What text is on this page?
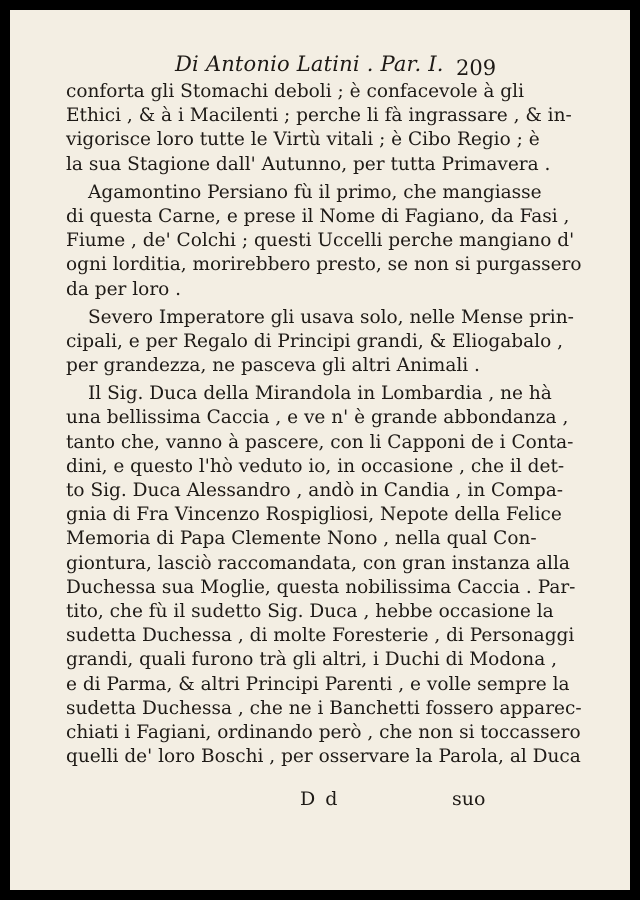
Di Antonio Latini . Par. I. 209
conforta gli Stomachi deboli ; è confacevole à gli
Ethici , & à i Macilenti ; perche li fà ingrassare , & in-
vigorisce loro tutte le Virtù vitali ; è Cibo Regio ; è
la sua Stagione dall' Autunno, per tutta Primavera .
Agamontino Persiano fù il primo, che mangiasse
di questa Carne, e prese il Nome di Fagiano, da Fasi ,
Fiume , de' Colchi ; questi Uccelli perche mangiano d'
ogni lorditia, morirebbero presto, se non si purgassero
da per loro .
Severo Imperatore gli usava solo, nelle Mense prin-
cipali, e per Regalo di Principi grandi, & Eliogabalo ,
per grandezza, ne pasceva gli altri Animali .
Il Sig. Duca della Mirandola in Lombardia , ne hà
una bellissima Caccia , e ve n' è grande abbondanza ,
tanto che, vanno à pascere, con li Capponi de i Conta-
dini, e questo l'hò veduto io, in occasione , che il det-
to Sig. Duca Alessandro , andò in Candia , in Compa-
gnia di Fra Vincenzo Rospigliosi, Nepote della Felice
Memoria di Papa Clemente Nono , nella qual Con-
giontura, lasciò raccomandata, con gran instanza alla
Duchessa sua Moglie, questa nobilissima Caccia . Par-
tito, che fù il sudetto Sig. Duca , hebbe occasione la
sudetta Duchessa , di molte Foresterie , di Personaggi
grandi, quali furono trà gli altri, i Duchi di Modona ,
e di Parma, & altri Principi Parenti , e volle sempre la
sudetta Duchessa , che ne i Banchetti fossero apparec-
chiati i Fagiani, ordinando però , che non si toccassero
quelli de' loro Boschi , per osservare la Parola, al Duca
D d	suo
